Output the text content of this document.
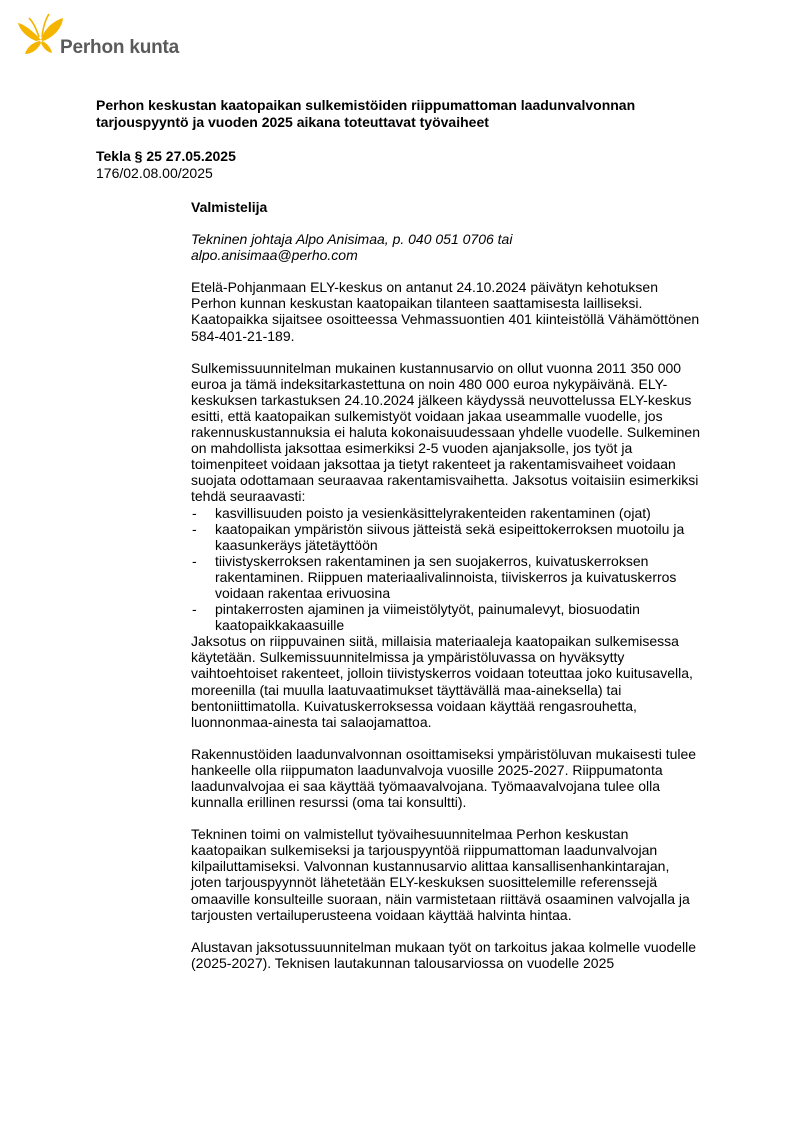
Perhon kunta
Perhon keskustan kaatopaikan sulkemistöiden riippumattoman laadunvalvonnan tarjouspyyntö ja vuoden 2025 aikana toteuttavat työvaiheet
Tekla § 25 27.05.2025
176/02.08.00/2025
Valmistelija
Tekninen johtaja Alpo Anisimaa, p. 040 051 0706 tai
alpo.anisimaa@perho.com

Etelä-Pohjanmaan ELY-keskus on antanut 24.10.2024 päivätyn kehotuksen Perhon kunnan keskustan kaatopaikan tilanteen saattamisesta lailliseksi. Kaatopaikka sijaitsee osoitteessa Vehmassuontien 401 kiinteistöllä Vähämöttönen 584-401-21-189.

Sulkemissuunnitelman mukainen kustannusarvio on ollut vuonna 2011 350 000 euroa ja tämä indeksitarkastettuna on noin 480 000 euroa nykypäivänä. ELY-keskuksen tarkastuksen 24.10.2024 jälkeen käydyssä neuvottelussa ELY-keskus esitti, että kaatopaikan sulkemistyöt voidaan jakaa useammalle vuodelle, jos rakennuskustannuksia ei haluta kokonaisuudessaan yhdelle vuodelle. Sulkeminen on mahdollista jaksottaa esimerkiksi 2-5 vuoden ajanjaksolle, jos työt ja toimenpiteet voidaan jaksottaa ja tietyt rakenteet ja rakentamisvaiheet voidaan suojata odottamaan seuraavaa rakentamisvaihetta. Jaksotus voitaisiin esimerkiksi tehdä seuraavasti:

- kasvillisuuden poisto ja vesienkäsittelyrakenteiden rakentaminen (ojat)
- kaatopaikan ympäristön siivous jätteistä sekä esipeittokerroksen muotoilu ja kaasunkeräys jätetäyttöön
- tiivistyskerroksen rakentaminen ja sen suojakerros, kuivatuskerroksen rakentaminen. Riippuen materiaalivalinnoista, tiiviskerros ja kuivatuskerros voidaan rakentaa erivuosina
- pintakerrosten ajaminen ja viimeistölytyöt, painumalevyt, biosuodatin kaatopaikkakaasuille

Jaksotus on riippuvainen siitä, millaisia materiaaleja kaatopaikan sulkemisessa käytetään. Sulkemissuunnitelmissa ja ympäristöluvassa on hyväksytty vaihtoehtoiset rakenteet, jolloin tiivistyskerros voidaan toteuttaa joko kuitusavella, moreenilla (tai muulla laatuvaatimukset täyttävällä maa-aineksella) tai bentoniittimatolla. Kuivatuskerroksessa voidaan käyttää rengasrouhetta, luonnonmaa-ainesta tai salaojamattoa.

Rakennustöiden laadunvalvonnan osoittamiseksi ympäristöluvan mukaisesti tulee hankeelle olla riippumaton laadunvalvoja vuosille 2025-2027. Riippumatonta laadunvalvojaa ei saa käyttää työmaavalvojana. Työmaavalvojana tulee olla kunnalla erillinen resurssi (oma tai konsultti).

Tekninen toimi on valmistellut työvaihesuunnitelmaa Perhon keskustan kaatopaikan sulkemiseksi ja tarjouspyyntöä riippumattoman laadunvalvojan kilpailuttamiseksi. Valvonnan kustannusarvio alittaa kansallisenhankintarajan, joten tarjouspyynnöt lähetetään ELY-keskuksen suosittelemille referenssejä omaaville konsulteille suoraan, näin varmistetaan riittävä osaaminen valvojalla ja tarjousten vertailuperusteena voidaan käyttää halvinta hintaa.

Alustavan jaksotussuunnitelman mukaan työt on tarkoitus jakaa kolmelle vuodelle (2025-2027). Teknisen lautakunnan talousarviossa on vuodelle 2025
